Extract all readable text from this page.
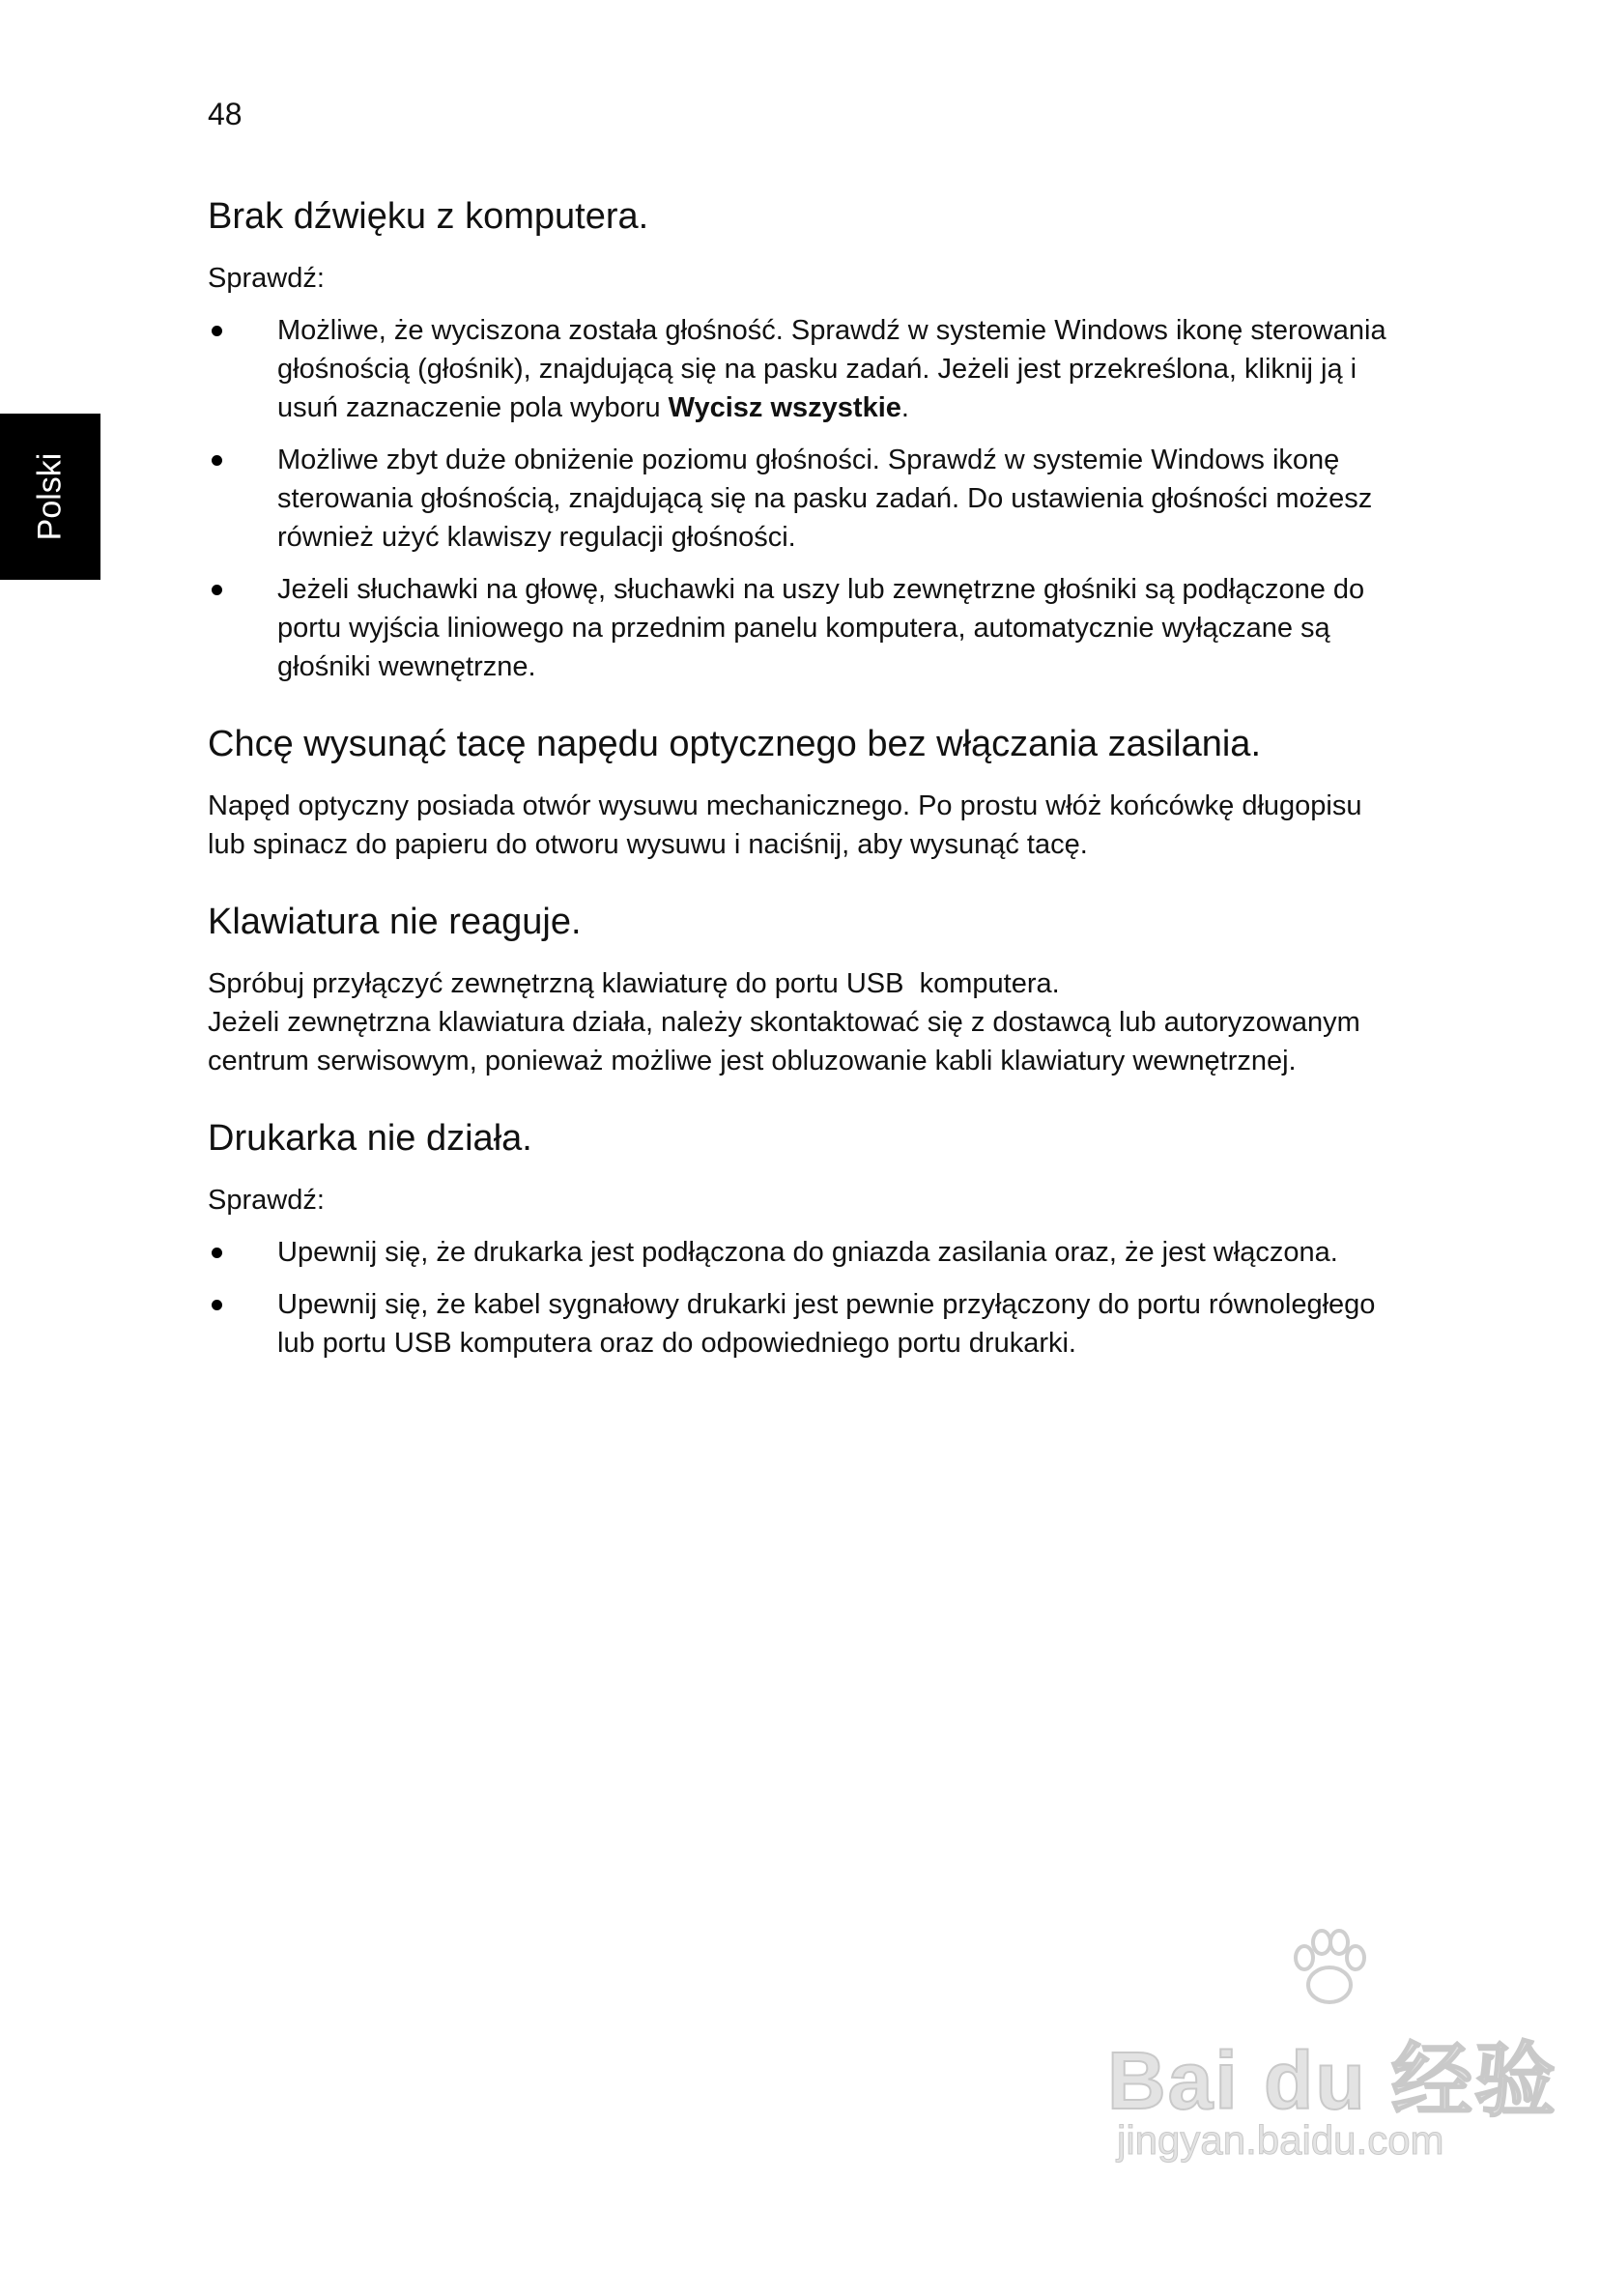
48
Polski
Brak dźwięku z komputera.

Sprawdź:

Możliwe, że wyciszona została głośność. Sprawdź w systemie Windows ikonę sterowania głośnością (głośnik), znajdującą się na pasku zadań. Jeżeli jest przekreślona, kliknij ją i usuń zaznaczenie pola wyboru Wycisz wszystkie.
Możliwe zbyt duże obniżenie poziomu głośności. Sprawdź w systemie Windows ikonę sterowania głośnością, znajdującą się na pasku zadań. Do ustawienia głośności możesz również użyć klawiszy regulacji głośności.
Jeżeli słuchawki na głowę, słuchawki na uszy lub zewnętrzne głośniki są podłączone do portu wyjścia liniowego na przednim panelu komputera, automatycznie wyłączane są głośniki wewnętrzne.
Chcę wysunąć tacę napędu optycznego bez włączania zasilania.

Napęd optyczny posiada otwór wysuwu mechanicznego. Po prostu włóż końcówkę długopisu lub spinacz do papieru do otworu wysuwu i naciśnij, aby wysunąć tacę.

Klawiatura nie reaguje.

Spróbuj przyłączyć zewnętrzną klawiaturę do portu USB  komputera.

Jeżeli zewnętrzna klawiatura działa, należy skontaktować się z dostawcą lub autoryzowanym centrum serwisowym, ponieważ możliwe jest obluzowanie kabli klawiatury wewnętrznej.

Drukarka nie działa.

Sprawdź:

Upewnij się, że drukarka jest podłączona do gniazda zasilania oraz, że jest włączona.
Upewnij się, że kabel sygnałowy drukarki jest pewnie przyłączony do portu równoległego lub portu USB komputera oraz do odpowiedniego portu drukarki.
Bai du 经验
jingyan.baidu.com
